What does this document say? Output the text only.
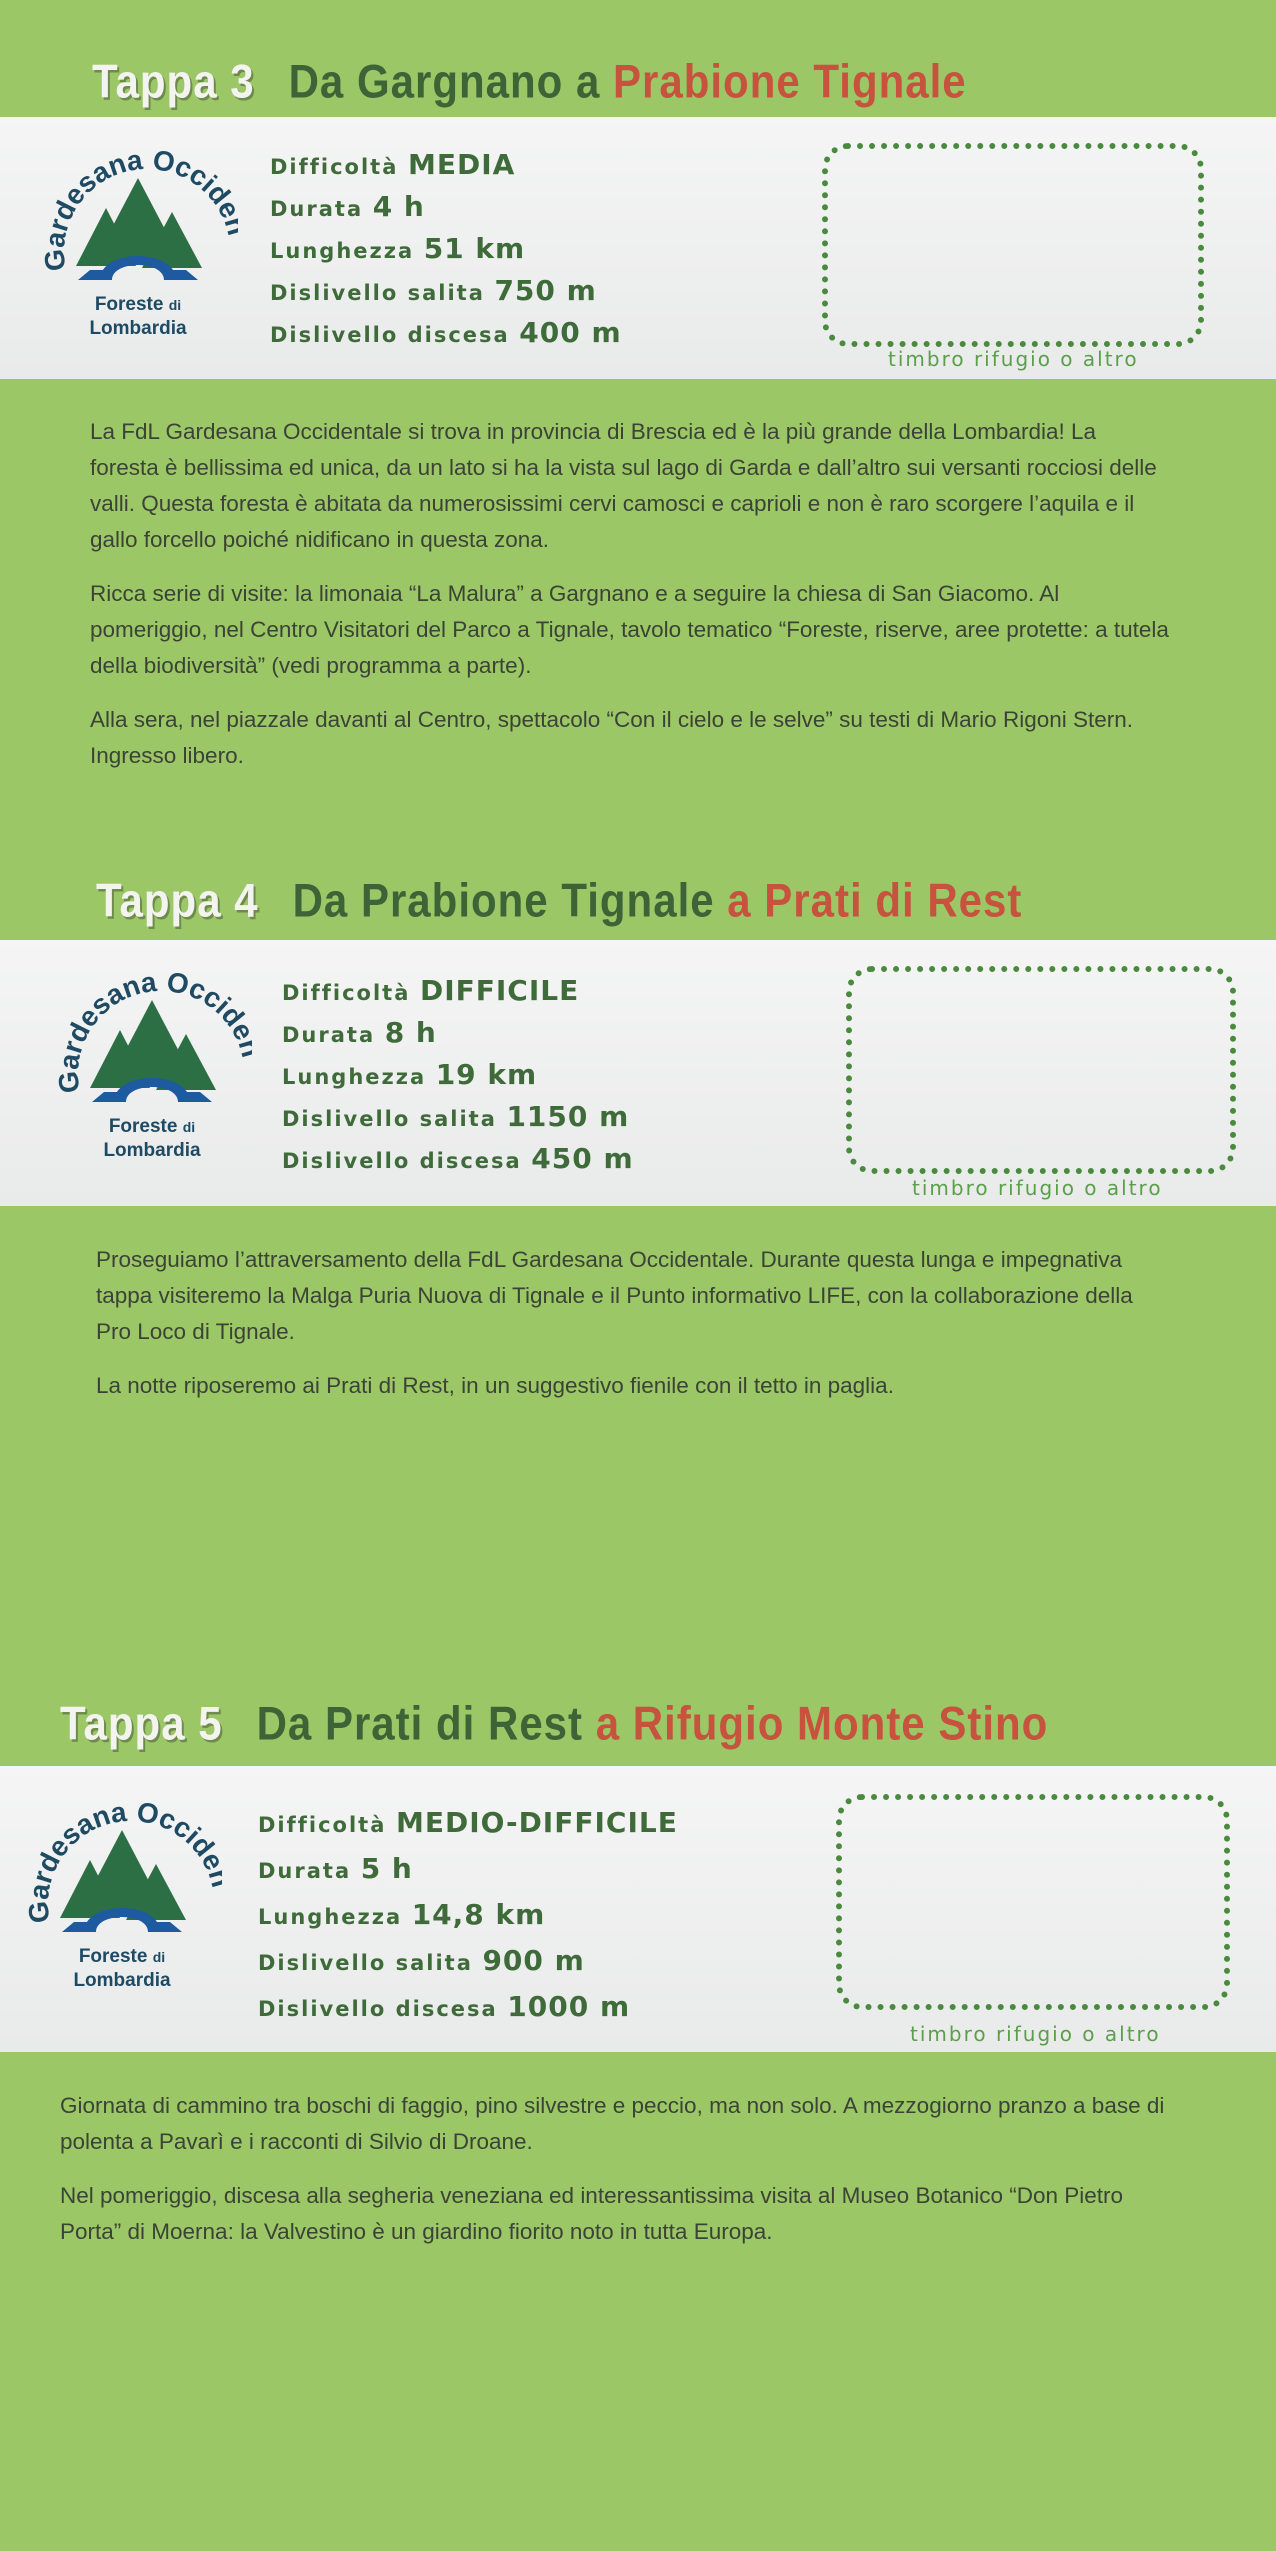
Tappa 3 Da Gargnano a Prabione Tignale
Gardesana Occid
Foreste di
Lombardia
Difficoltà MEDIA
Durata 4 h
Lunghezza 51 km
Dislivello salita 750 m
Dislivello discesa 400 m
timbro rifugio o altro

La FdL Gardesana Occidentale si trova in provincia di Brescia ed è la più grande della Lombardia! La foresta è bellissima ed unica, da un lato si ha la vista sul lago di Garda e dall’altro sui versanti rocciosi delle valli. Questa foresta è abitata da numerosissimi cervi camosci e caprioli e non è raro scorgere l’aquila e il gallo forcello poiché nidificano in questa zona.

Ricca serie di visite: la limonaia “La Malura” a Gargnano e a seguire la chiesa di San Giacomo. Al pomeriggio, nel Centro Visitatori del Parco a Tignale, tavolo tematico “Foreste, riserve, aree protette: a tutela della biodiversità” (vedi programma a parte).

Alla sera, nel piazzale davanti al Centro, spettacolo “Con il cielo e le selve” su testi di Mario Rigoni Stern. Ingresso libero.

Tappa 4 Da Prabione Tignale a Prati di Rest
Gardesana Occid
Foreste di
Lombardia
Difficoltà DIFFICILE
Durata 8 h
Lunghezza 19 km
Dislivello salita 1150 m
Dislivello discesa 450 m
timbro rifugio o altro

Proseguiamo l’attraversamento della FdL Gardesana Occidentale. Durante questa lunga e impegnativa tappa visiteremo la Malga Puria Nuova di Tignale e il Punto informativo LIFE, con la collaborazione della Pro Loco di Tignale.

La notte riposeremo ai Prati di Rest, in un suggestivo fienile con il tetto in paglia.

Tappa 5 Da Prati di Rest a Rifugio Monte Stino
Gardesana Occid
Foreste di
Lombardia
Difficoltà MEDIO-DIFFICILE
Durata 5 h
Lunghezza 14,8 km
Dislivello salita 900 m
Dislivello discesa 1000 m
timbro rifugio o altro

Giornata di cammino tra boschi di faggio, pino silvestre e peccio, ma non solo. A mezzogiorno pranzo a base di polenta a Pavarì e i racconti di Silvio di Droane.

Nel pomeriggio, discesa alla segheria veneziana ed interessantissima visita al Museo Botanico “Don Pietro Porta” di Moerna: la Valvestino è un giardino fiorito noto in tutta Europa.
